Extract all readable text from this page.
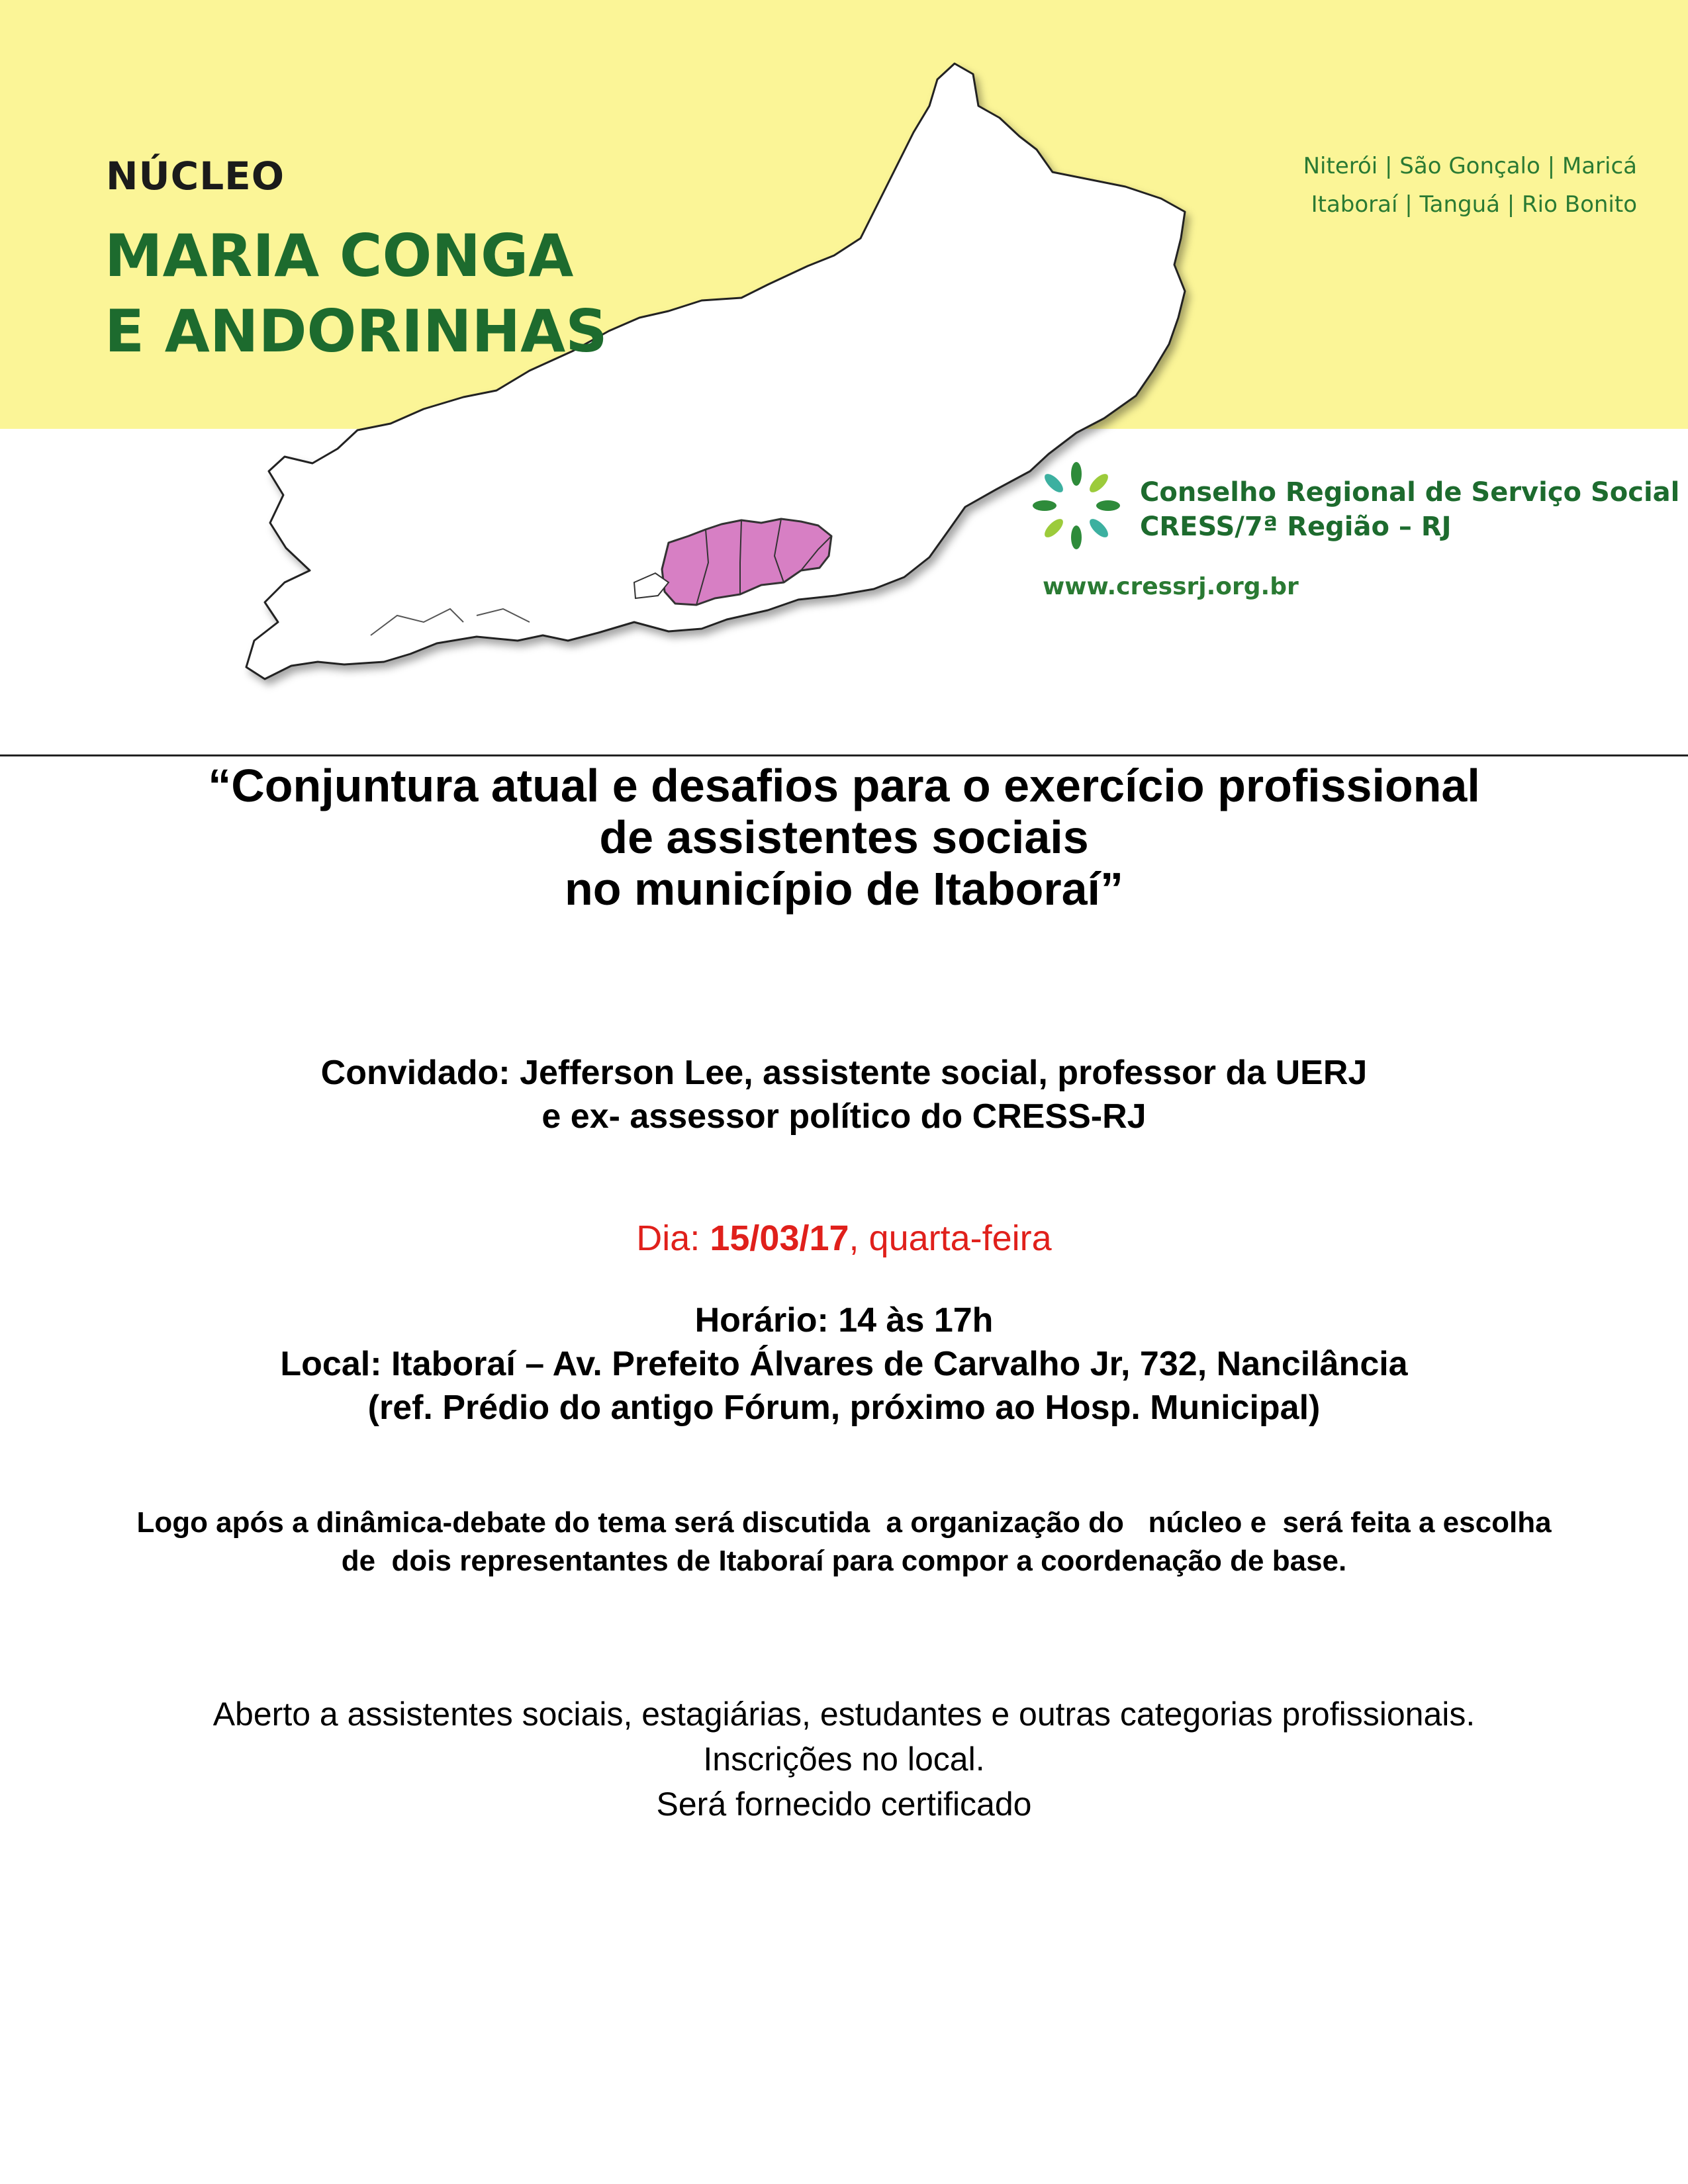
NÚCLEO
MARIA CONGA
E ANDORINHAS
Niterói | São Gonçalo | Maricá
Itaboraí | Tanguá | Rio Bonito
Conselho Regional de Serviço Social
CRESS/7ª Região – RJ
www.cressrj.org.br
“Conjuntura atual e desafios para o exercício profissional
de assistentes sociais
no município de Itaboraí”
Convidado: Jefferson Lee, assistente social, professor da UERJ
e ex- assessor político do CRESS-RJ
Dia: 15/03/17, quarta-feira
Horário: 14 às 17h
Local: Itaboraí – Av. Prefeito Álvares de Carvalho Jr, 732, Nancilância
(ref. Prédio do antigo Fórum, próximo ao Hosp. Municipal)
Logo após a dinâmica-debate do tema será discutida  a organização do   núcleo e  será feita a escolha
de  dois representantes de Itaboraí para compor a coordenação de base.
Aberto a assistentes sociais, estagiárias, estudantes e outras categorias profissionais.
Inscrições no local.
Será fornecido certificado
